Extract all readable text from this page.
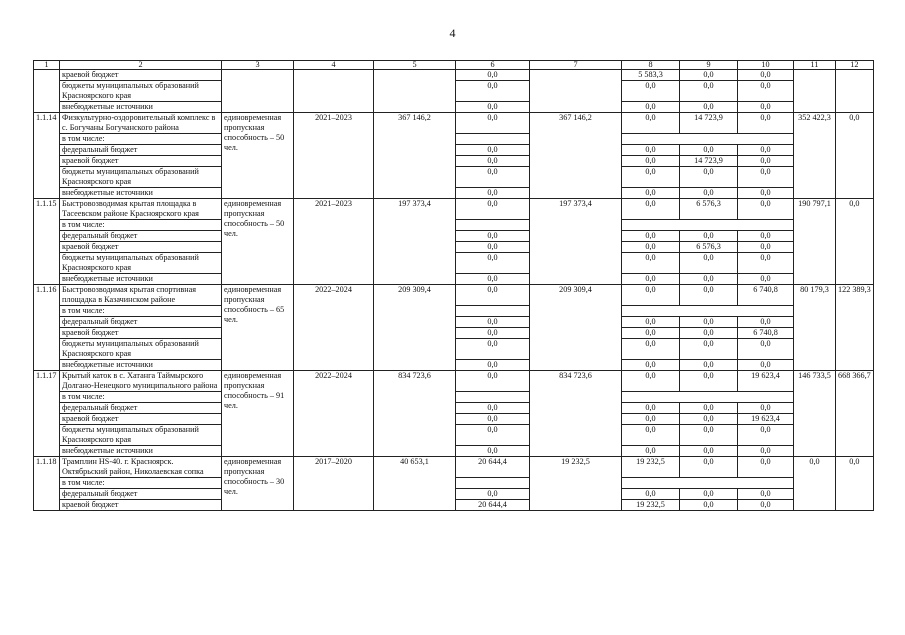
4
1	2	3	4	5	6	7	8	9	10	11	12
	краевой бюджет				0,0		5 583,3	0,0	0,0		
	бюджеты муниципальных образований Красноярского края				0,0		0,0	0,0	0,0		
	внебюджетные источники				0,0		0,0	0,0	0,0		
1.1.14	Физкультурно-оздоровительный комплекс в с. Богучаны Богучанского района	единовременная пропускная способность – 50 чел.	2021–2023	367 146,2	0,0	367 146,2	0,0	14 723,9	0,0	352 422,3	0,0

	в том числе:										
	федеральный бюджет				0,0		0,0	0,0	0,0		
	краевой бюджет				0,0		0,0	14 723,9	0,0		
	бюджеты муниципальных образований Красноярского края				0,0		0,0	0,0	0,0		
	внебюджетные источники				0,0		0,0	0,0	0,0		
1.1.15	Быстровозводимая крытая площадка в Тасеевском районе Красноярского края	единовременная пропускная способность – 50 чел.	2021–2023	197 373,4	0,0	197 373,4	0,0	6 576,3	0,0	190 797,1	0,0

	в том числе:										
	федеральный бюджет				0,0		0,0	0,0	0,0		
	краевой бюджет				0,0		0,0	6 576,3	0,0		
	бюджеты муниципальных образований Красноярского края				0,0		0,0	0,0	0,0		
	внебюджетные источники				0,0		0,0	0,0	0,0		
1.1.16	Быстровозводимая крытая спортивная площадка в Казачинском районе	единовременная пропускная способность – 65 чел.	2022–2024	209 309,4	0,0	209 309,4	0,0	0,0	6 740,8	80 179,3	122 389,3

	в том числе:										
	федеральный бюджет				0,0		0,0	0,0	0,0		
	краевой бюджет				0,0		0,0	0,0	6 740,8		
	бюджеты муниципальных образований Красноярского края				0,0		0,0	0,0	0,0		
	внебюджетные источники				0,0		0,0	0,0	0,0		
1.1.17	Крытый каток в с. Хатанга Таймырского Долгано-Ненецкого муниципального района	единовременная пропускная способность – 91 чел.	2022–2024	834 723,6	0,0	834 723,6	0,0	0,0	19 623,4	146 733,5	668 366,7

	в том числе:										
	федеральный бюджет				0,0		0,0	0,0	0,0		
	краевой бюджет				0,0		0,0	0,0	19 623,4		
	бюджеты муниципальных образований Красноярского края				0,0		0,0	0,0	0,0		
	внебюджетные источники				0,0		0,0	0,0	0,0		
1.1.18	Трамплин HS-40. г. Красноярск. Октябрьский район, Николаевская сопка	единовременная пропускная способность – 30 чел.	2017–2020	40 653,1	20 644,4	19 232,5	19 232,5	0,0	0,0	0,0	0,0

	в том числе:										
	федеральный бюджет				0,0		0,0	0,0	0,0		
	краевой бюджет				20 644,4		19 232,5	0,0	0,0		
